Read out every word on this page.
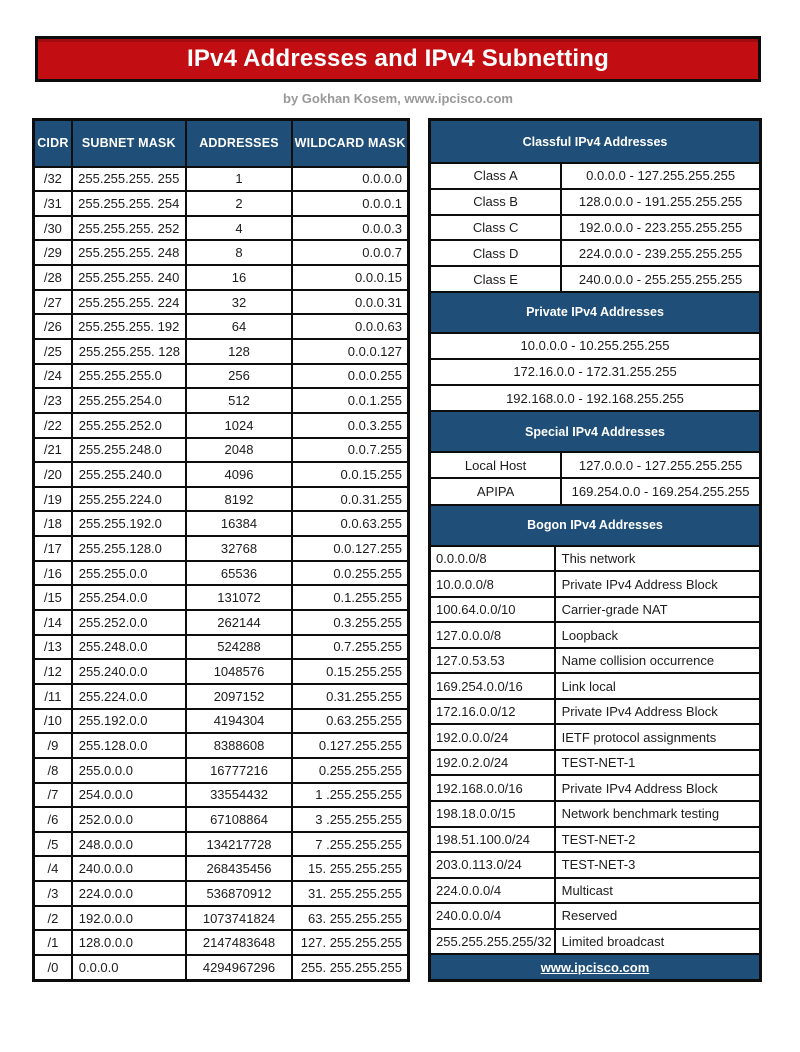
IPv4 Addresses and IPv4 Subnetting
by Gokhan Kosem, www.ipcisco.com
CIDR	SUBNET MASK	ADDRESSES	WILDCARD MASK
/32	255.255.255. 255	1	0.0.0.0
/31	255.255.255. 254	2	0.0.0.1
/30	255.255.255. 252	4	0.0.0.3
/29	255.255.255. 248	8	0.0.0.7
/28	255.255.255. 240	16	0.0.0.15
/27	255.255.255. 224	32	0.0.0.31
/26	255.255.255. 192	64	0.0.0.63
/25	255.255.255. 128	128	0.0.0.127
/24	255.255.255.0	256	0.0.0.255
/23	255.255.254.0	512	0.0.1.255
/22	255.255.252.0	1024	0.0.3.255
/21	255.255.248.0	2048	0.0.7.255
/20	255.255.240.0	4096	0.0.15.255
/19	255.255.224.0	8192	0.0.31.255
/18	255.255.192.0	16384	0.0.63.255
/17	255.255.128.0	32768	0.0.127.255
/16	255.255.0.0	65536	0.0.255.255
/15	255.254.0.0	131072	0.1.255.255
/14	255.252.0.0	262144	0.3.255.255
/13	255.248.0.0	524288	0.7.255.255
/12	255.240.0.0	1048576	0.15.255.255
/11	255.224.0.0	2097152	0.31.255.255
/10	255.192.0.0	4194304	0.63.255.255
/9	255.128.0.0	8388608	0.127.255.255
/8	255.0.0.0	16777216	0.255.255.255
/7	254.0.0.0	33554432	1 .255.255.255
/6	252.0.0.0	67108864	3 .255.255.255
/5	248.0.0.0	134217728	7 .255.255.255
/4	240.0.0.0	268435456	15. 255.255.255
/3	224.0.0.0	536870912	31. 255.255.255
/2	192.0.0.0	1073741824	63. 255.255.255
/1	128.0.0.0	2147483648	127. 255.255.255
/0	0.0.0.0	4294967296	255. 255.255.255
Classful IPv4 Addresses
Class A	0.0.0.0 - 127.255.255.255
Class B	128.0.0.0 - 191.255.255.255
Class C	192.0.0.0 - 223.255.255.255
Class D	224.0.0.0 - 239.255.255.255
Class E	240.0.0.0 - 255.255.255.255
Private IPv4 Addresses
10.0.0.0 - 10.255.255.255
172.16.0.0 - 172.31.255.255
192.168.0.0 - 192.168.255.255
Special IPv4 Addresses
Local Host	127.0.0.0 - 127.255.255.255
APIPA	169.254.0.0 - 169.254.255.255
Bogon IPv4 Addresses
0.0.0.0/8	This network
10.0.0.0/8	Private IPv4 Address Block
100.64.0.0/10	Carrier-grade NAT
127.0.0.0/8	Loopback
127.0.53.53	Name collision occurrence
169.254.0.0/16	Link local
172.16.0.0/12	Private IPv4 Address Block
192.0.0.0/24	IETF protocol assignments
192.0.2.0/24	TEST-NET-1
192.168.0.0/16	Private IPv4 Address Block
198.18.0.0/15	Network benchmark testing
198.51.100.0/24	TEST-NET-2
203.0.113.0/24	TEST-NET-3
224.0.0.0/4	Multicast
240.0.0.0/4	Reserved
255.255.255.255/32 Limited broadcast
www.ipcisco.com
